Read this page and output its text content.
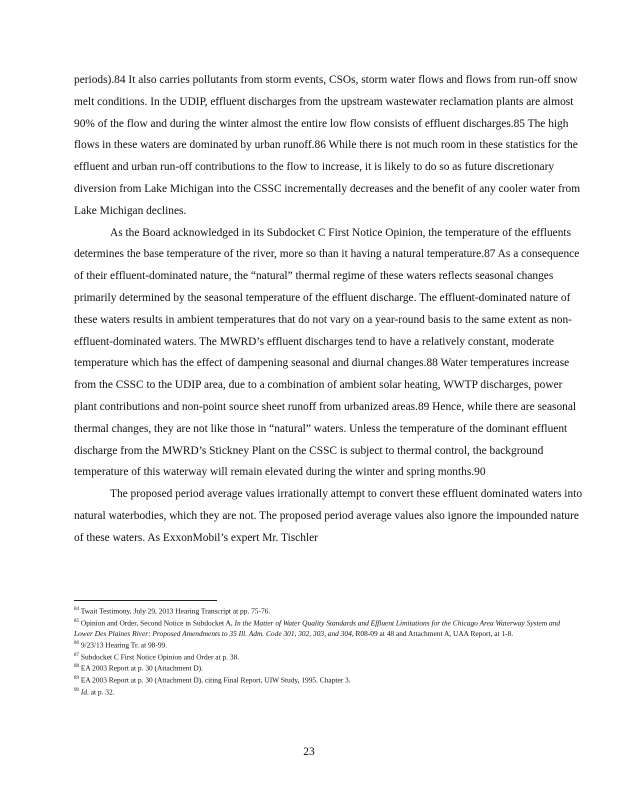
periods).84 It also carries pollutants from storm events, CSOs, storm water flows and flows from run-off snow melt conditions. In the UDIP, effluent discharges from the upstream wastewater reclamation plants are almost 90% of the flow and during the winter almost the entire low flow consists of effluent discharges.85 The high flows in these waters are dominated by urban runoff.86 While there is not much room in these statistics for the effluent and urban run-off contributions to the flow to increase, it is likely to do so as future discretionary diversion from Lake Michigan into the CSSC incrementally decreases and the benefit of any cooler water from Lake Michigan declines.

As the Board acknowledged in its Subdocket C First Notice Opinion, the temperature of the effluents determines the base temperature of the river, more so than it having a natural temperature.87 As a consequence of their effluent-dominated nature, the “natural” thermal regime of these waters reflects seasonal changes primarily determined by the seasonal temperature of the effluent discharge. The effluent-dominated nature of these waters results in ambient temperatures that do not vary on a year-round basis to the same extent as non-effluent-dominated waters. The MWRD’s effluent discharges tend to have a relatively constant, moderate temperature which has the effect of dampening seasonal and diurnal changes.88 Water temperatures increase from the CSSC to the UDIP area, due to a combination of ambient solar heating, WWTP discharges, power plant contributions and non-point source sheet runoff from urbanized areas.89 Hence, while there are seasonal thermal changes, they are not like those in “natural” waters. Unless the temperature of the dominant effluent discharge from the MWRD’s Stickney Plant on the CSSC is subject to thermal control, the background temperature of this waterway will remain elevated during the winter and spring months.90

The proposed period average values irrationally attempt to convert these effluent dominated waters into natural waterbodies, which they are not. The proposed period average values also ignore the impounded nature of these waters. As ExxonMobil’s expert Mr. Tischler

$^{84}$ Twait Testimony, July 29, 2013 Hearing Transcript at pp. 75-76.
$^{85}$ Opinion and Order, Second Notice in Subdocket A, In the Matter of Water Quality Standards and Effluent Limitations for the Chicago Area Waterway System and Lower Des Plaines River: Proposed Amendments to 35 Ill. Adm. Code 301, 302, 303, and 304, R08-09 at 48 and Attachment A, UAA Report, at 1-8.
$^{86}$ 9/23/13 Hearing Tr. at 98-99.
$^{87}$ Subdocket C First Notice Opinion and Order at p. 38.
$^{88}$ EA 2003 Report at p. 30 (Attachment D).
$^{89}$ EA 2003 Report at p. 30 (Attachment D), citing Final Report, UIW Study, 1995. Chapter 3.
$^{90}$ Id. at p. 32.
23
